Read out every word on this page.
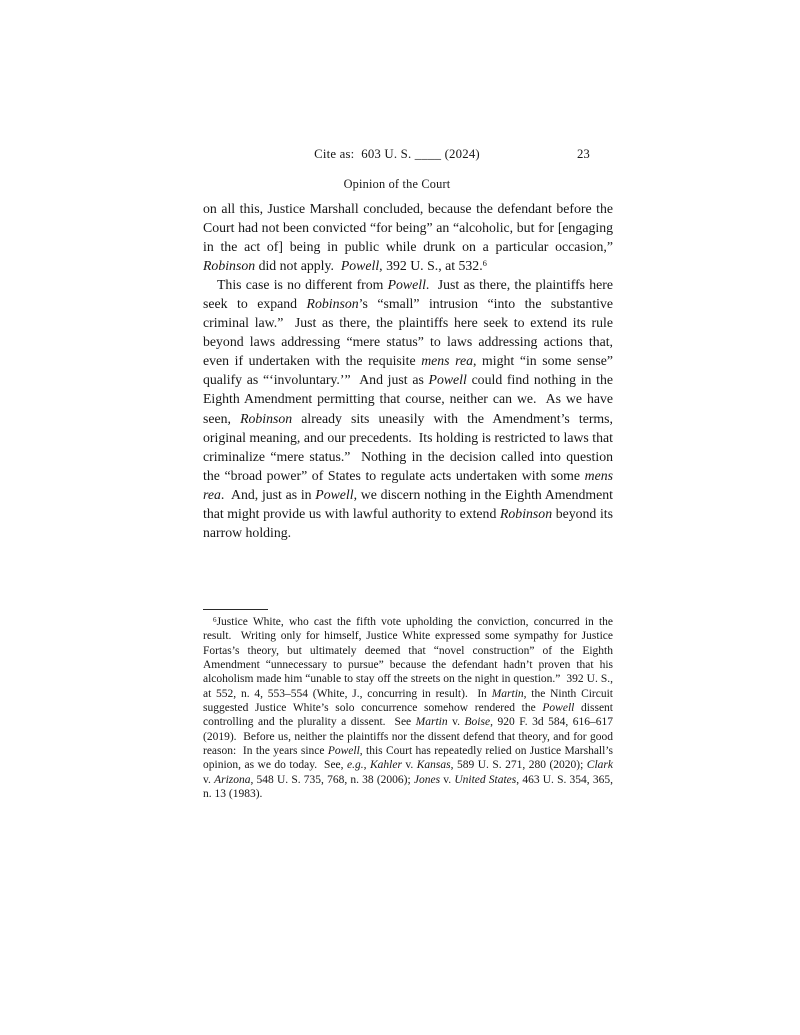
Cite as:  603 U. S. ____ (2024)	23
Opinion of the Court

on all this, Justice Marshall concluded, because the defendant before the Court had not been convicted “for being” an “alcoholic, but for [engaging in the act of] being in public while drunk on a particular occasion,” Robinson did not apply.  Powell, 392 U. S., at 532.$^6$

This case is no different from Powell.  Just as there, the plaintiffs here seek to expand Robinson’s “small” intrusion “into the substantive criminal law.”  Just as there, the plaintiffs here seek to extend its rule beyond laws addressing “mere status” to laws addressing actions that, even if undertaken with the requisite mens rea, might “in some sense” qualify as “‘involuntary.’”  And just as Powell could find nothing in the Eighth Amendment permitting that course, neither can we.  As we have seen, Robinson already sits uneasily with the Amendment’s terms, original meaning, and our precedents.  Its holding is restricted to laws that criminalize “mere status.”  Nothing in the decision called into question the “broad power” of States to regulate acts undertaken with some mens rea.  And, just as in Powell, we discern nothing in the Eighth Amendment that might provide us with lawful authority to extend Robinson beyond its narrow holding.

$^6$Justice White, who cast the fifth vote upholding the conviction, concurred in the result.  Writing only for himself, Justice White expressed some sympathy for Justice Fortas’s theory, but ultimately deemed that “novel construction” of the Eighth Amendment “unnecessary to pursue” because the defendant hadn’t proven that his alcoholism made him “unable to stay off the streets on the night in question.”  392 U. S., at 552, n. 4, 553–554 (White, J., concurring in result).  In Martin, the Ninth Circuit suggested Justice White’s solo concurrence somehow rendered the Powell dissent controlling and the plurality a dissent.  See Martin v. Boise, 920 F. 3d 584, 616–617 (2019).  Before us, neither the plaintiffs nor the dissent defend that theory, and for good reason:  In the years since Powell, this Court has repeatedly relied on Justice Marshall’s opinion, as we do today.  See, e.g., Kahler v. Kansas, 589 U. S. 271, 280 (2020); Clark v. Arizona, 548 U. S. 735, 768, n. 38 (2006); Jones v. United States, 463 U. S. 354, 365, n. 13 (1983).
